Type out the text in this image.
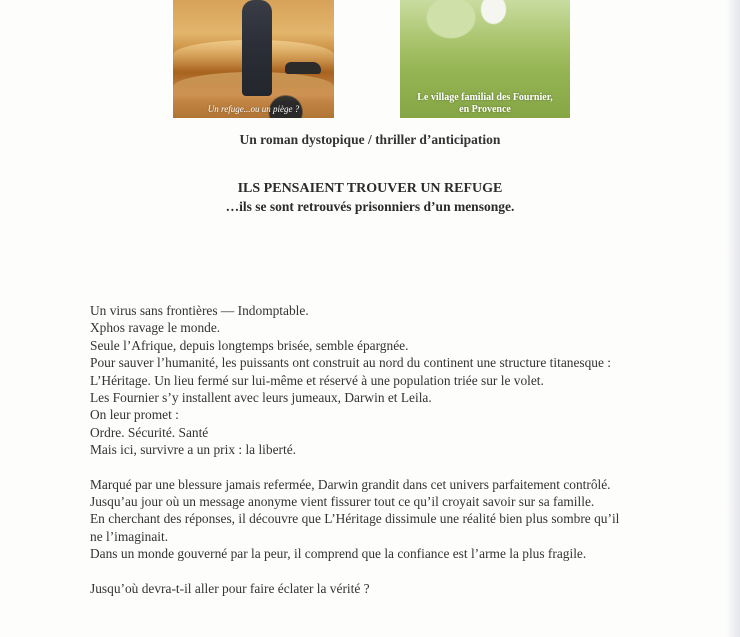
Un refuge...ou un piège ?
Le village familial des Fournier,
en Provence
Un roman dystopique / thriller d’anticipation
ILS PENSAIENT TROUVER UN REFUGE
…ils se sont retrouvés prisonniers d’un mensonge.

Un virus sans frontières — Indomptable.

Xphos ravage le monde.

Seule l’Afrique, depuis longtemps brisée, semble épargnée.

Pour sauver l’humanité, les puissants ont construit au nord du continent une structure titanesque :

L’Héritage. Un lieu fermé sur lui-même et réservé à une population triée sur le volet.

Les Fournier s’y installent avec leurs jumeaux, Darwin et Leila.

On leur promet :

Ordre. Sécurité. Santé

Mais ici, survivre a un prix : la liberté.

Marqué par une blessure jamais refermée, Darwin grandit dans cet univers parfaitement contrôlé.

Jusqu’au jour où un message anonyme vient fissurer tout ce qu’il croyait savoir sur sa famille.

En cherchant des réponses, il découvre que L’Héritage dissimule une réalité bien plus sombre qu’il

ne l’imaginait.

Dans un monde gouverné par la peur, il comprend que la confiance est l’arme la plus fragile.

Jusqu’où devra-t-il aller pour faire éclater la vérité ?
